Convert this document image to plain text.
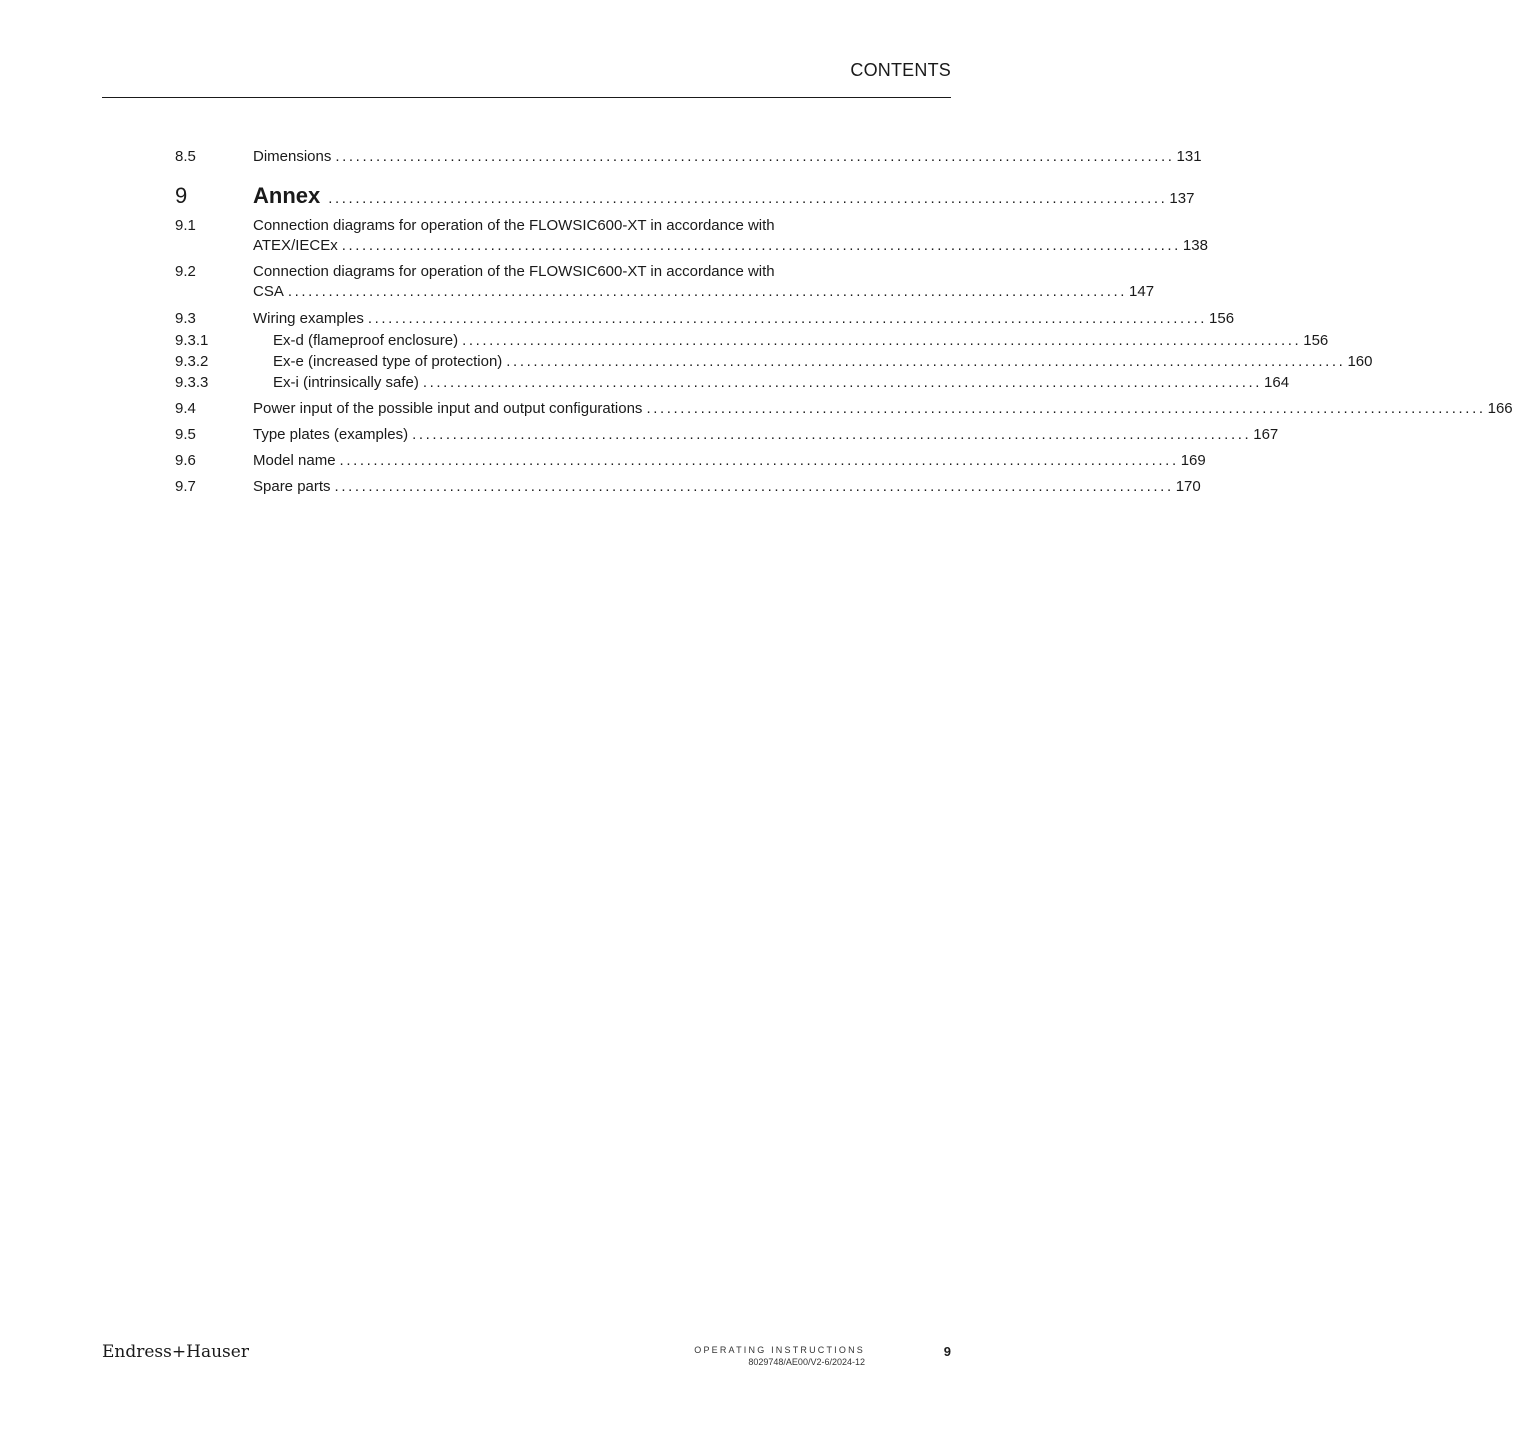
CONTENTS
8.5	Dimensions ............................................................................................................................ 131
9	Annex ............................................................................................................................ 137
9.1	Connection diagrams for operation of the FLOWSIC600-XT in accordance with
ATEX/IECEx ............................................................................................................................ 138
9.2	Connection diagrams for operation of the FLOWSIC600-XT in accordance with
CSA ............................................................................................................................ 147
9.3	Wiring examples ............................................................................................................................ 156
9.3.1	Ex-d (flameproof enclosure) ............................................................................................................................ 156
9.3.2	Ex-e (increased type of protection) ............................................................................................................................ 160
9.3.3	Ex-i (intrinsically safe) ............................................................................................................................ 164
9.4	Power input of the possible input and output configurations ............................................................................................................................ 166
9.5	Type plates (examples) ............................................................................................................................ 167
9.6	Model name ............................................................................................................................ 169
9.7	Spare parts ............................................................................................................................ 170
Endress+Hauser	OPERATING INSTRUCTIONS
8029748/AE00/V2-6/2024-12
9
